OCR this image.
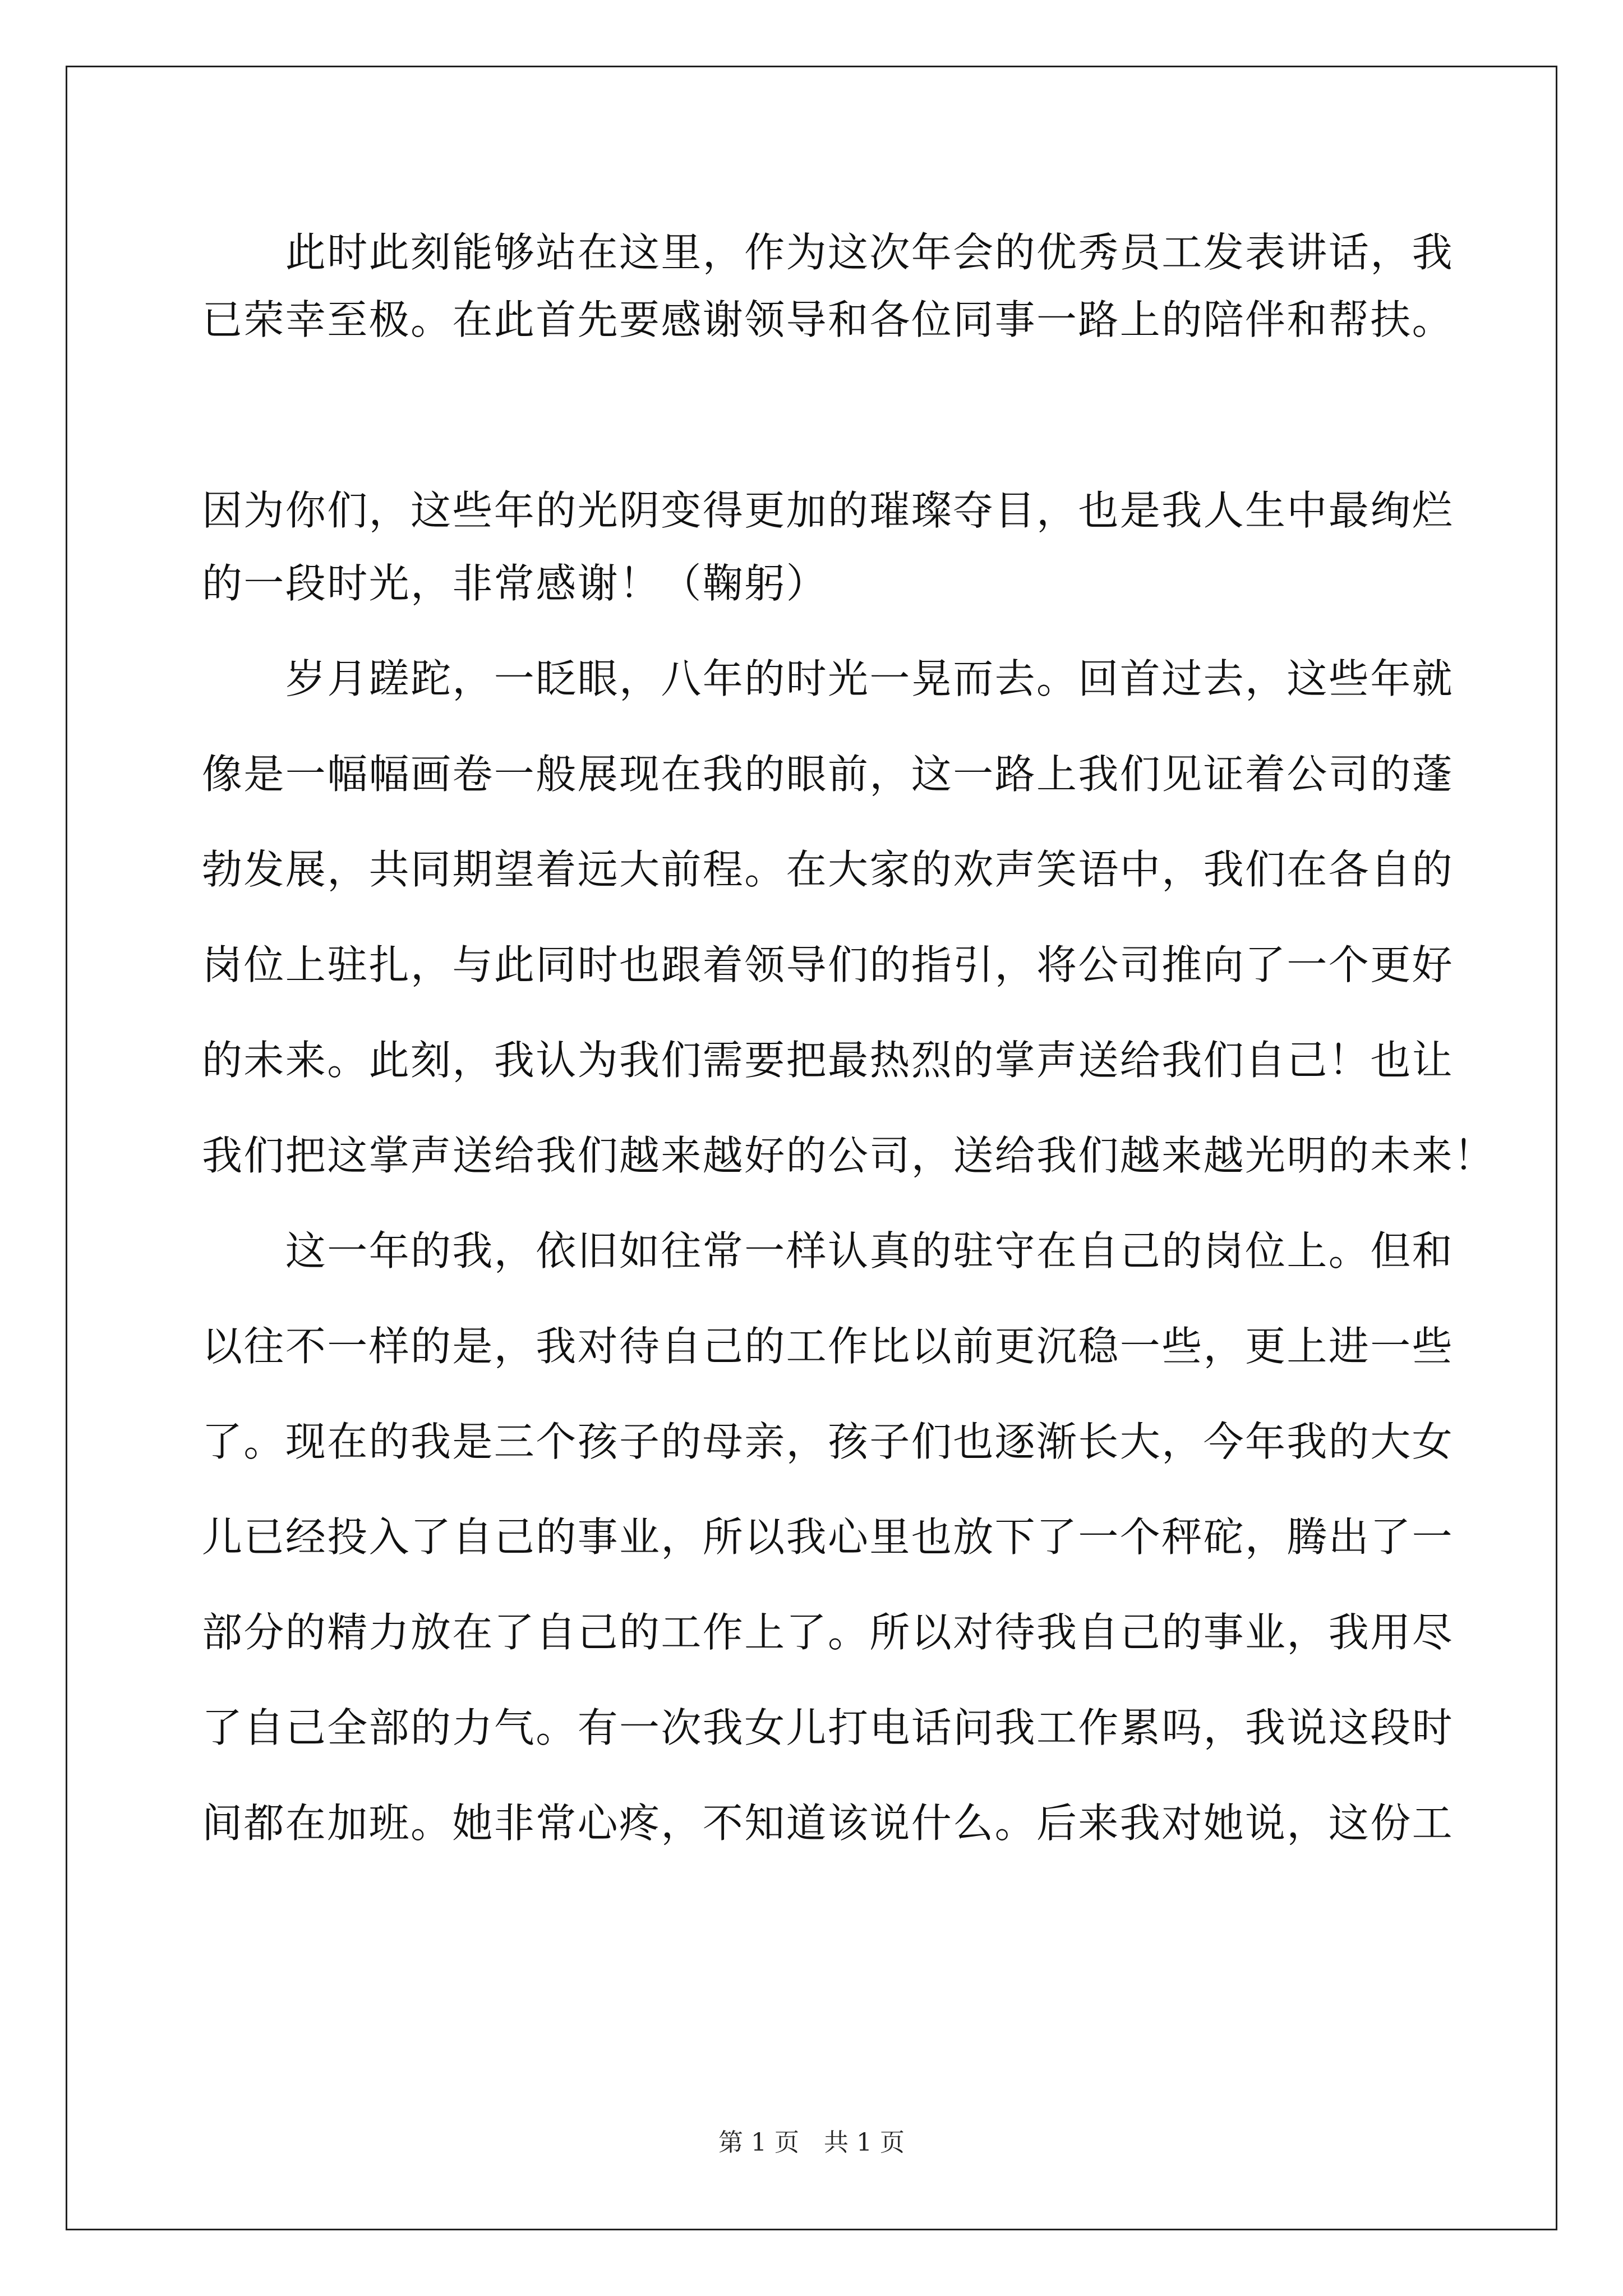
　　此时此刻能够站在这里，作为这次年会的优秀员工发表讲话，我
已荣幸至极。在此首先要感谢领导和各位同事一路上的陪伴和帮扶。
因为你们，这些年的光阴变得更加的璀璨夺目，也是我人生中最绚烂
的一段时光，非常感谢！（鞠躬）
　　岁月蹉跎，一眨眼，八年的时光一晃而去。回首过去，这些年就
像是一幅幅画卷一般展现在我的眼前，这一路上我们见证着公司的蓬
勃发展，共同期望着远大前程。在大家的欢声笑语中，我们在各自的
岗位上驻扎，与此同时也跟着领导们的指引，将公司推向了一个更好
的未来。此刻，我认为我们需要把最热烈的掌声送给我们自己！也让
我们把这掌声送给我们越来越好的公司，送给我们越来越光明的未来！
　　这一年的我，依旧如往常一样认真的驻守在自己的岗位上。但和
以往不一样的是，我对待自己的工作比以前更沉稳一些，更上进一些
了。现在的我是三个孩子的母亲，孩子们也逐渐长大，今年我的大女
儿已经投入了自己的事业，所以我心里也放下了一个秤砣，腾出了一
部分的精力放在了自己的工作上了。所以对待我自己的事业，我用尽
了自己全部的力气。有一次我女儿打电话问我工作累吗，我说这段时
间都在加班。她非常心疼，不知道该说什么。后来我对她说，这份工
第 1 页　共 1 页
